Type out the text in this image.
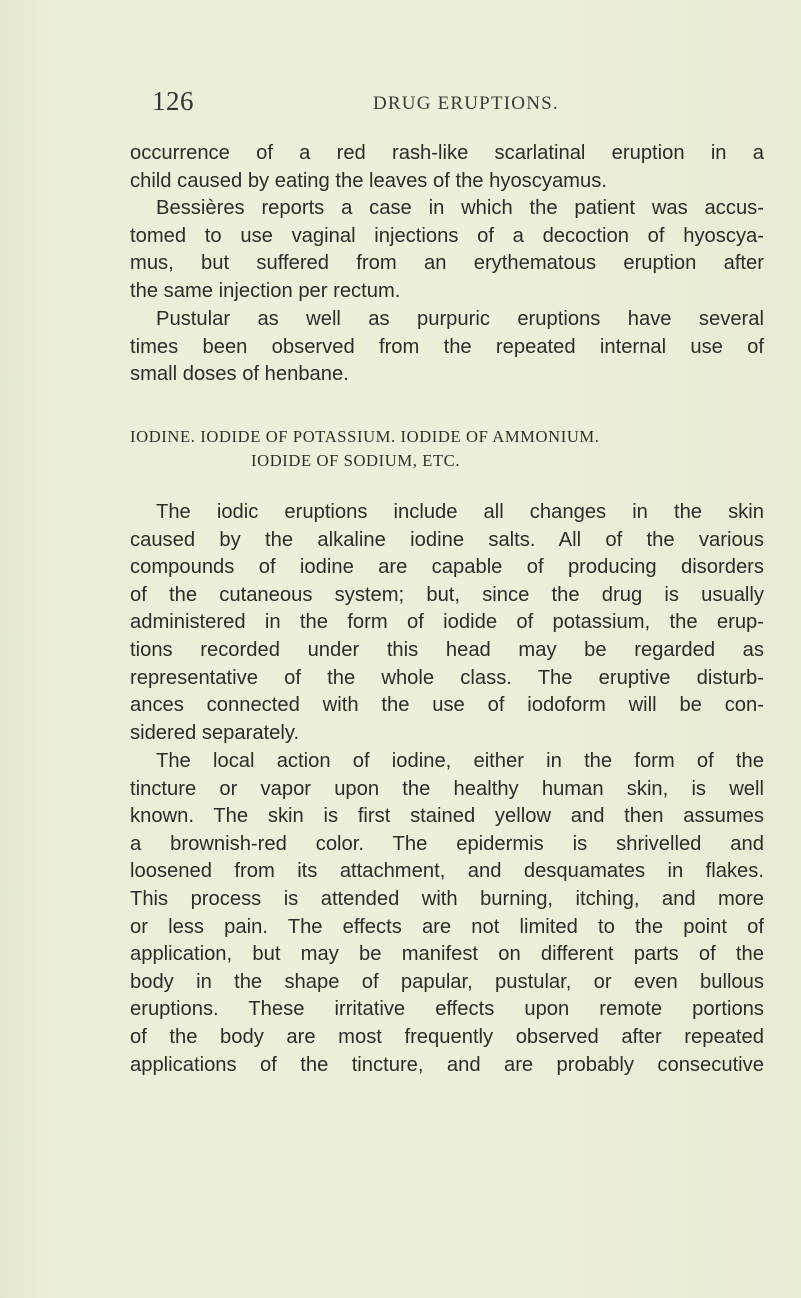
126	DRUG ERUPTIONS.

occurrence of a red rash-like scarlatinal eruption in a
child caused by eating the leaves of the hyoscyamus.

Bessières reports a case in which the patient was accus-
tomed to use vaginal injections of a decoction of hyoscya-
mus, but suffered from an erythematous eruption after
the same injection per rectum.

Pustular as well as purpuric eruptions have several
times been observed from the repeated internal use of
small doses of henbane.

IODINE. IODIDE OF POTASSIUM. IODIDE OF AMMONIUM.
IODIDE OF SODIUM, ETC.

The iodic eruptions include all changes in the skin
caused by the alkaline iodine salts. All of the various
compounds of iodine are capable of producing disorders
of the cutaneous system; but, since the drug is usually
administered in the form of iodide of potassium, the erup-
tions recorded under this head may be regarded as
representative of the whole class. The eruptive disturb-
ances connected with the use of iodoform will be con-
sidered separately.

The local action of iodine, either in the form of the
tincture or vapor upon the healthy human skin, is well
known. The skin is first stained yellow and then assumes
a brownish-red color. The epidermis is shrivelled and
loosened from its attachment, and desquamates in flakes.
This process is attended with burning, itching, and more
or less pain. The effects are not limited to the point of
application, but may be manifest on different parts of the
body in the shape of papular, pustular, or even bullous
eruptions. These irritative effects upon remote portions
of the body are most frequently observed after repeated
applications of the tincture, and are probably consecutive
